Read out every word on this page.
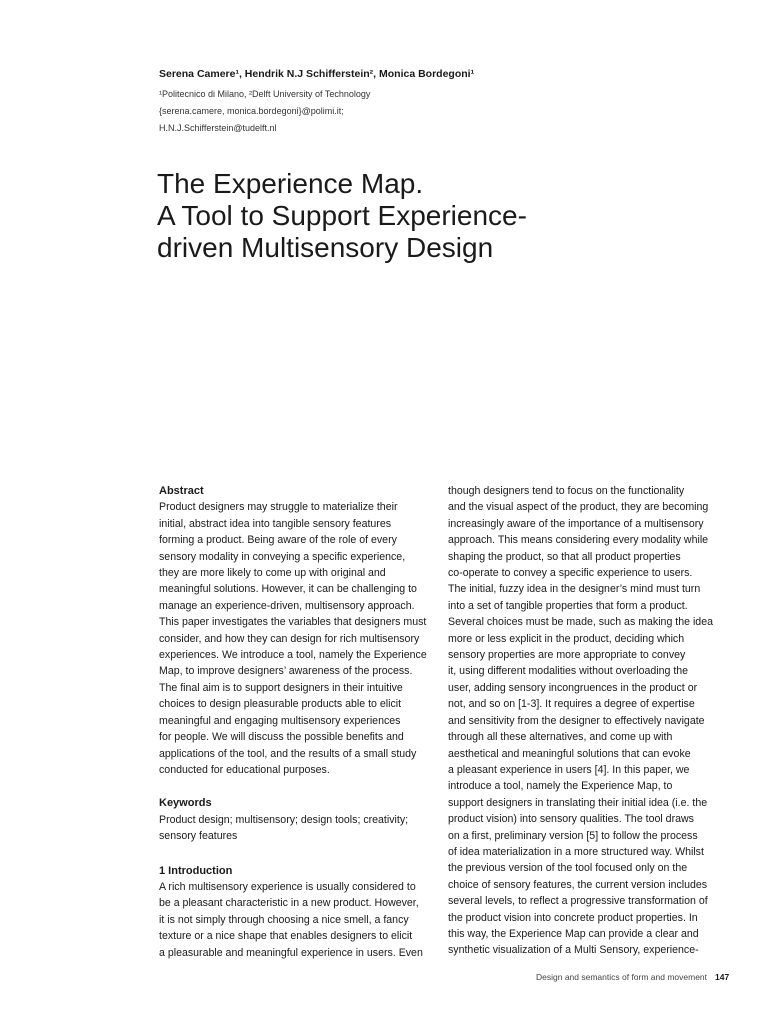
Serena Camere¹, Hendrik N.J Schifferstein², Monica Bordegoni¹
¹Politecnico di Milano, ²Delft University of Technology
{serena.camere, monica.bordegoni}@polimi.it;
H.N.J.Schifferstein@tudelft.nl
The Experience Map.
A Tool to Support Experience-
driven Multisensory Design
Abstract
Product designers may struggle to materialize their
initial, abstract idea into tangible sensory features
forming a product. Being aware of the role of every
sensory modality in conveying a specific experience,
they are more likely to come up with original and
meaningful solutions. However, it can be challenging to
manage an experience-driven, multisensory approach.
This paper investigates the variables that designers must
consider, and how they can design for rich multisensory
experiences. We introduce a tool, namely the Experience
Map, to improve designers’ awareness of the process.
The final aim is to support designers in their intuitive
choices to design pleasurable products able to elicit
meaningful and engaging multisensory experiences
for people. We will discuss the possible benefits and
applications of the tool, and the results of a small study
conducted for educational purposes.
Keywords
Product design; multisensory; design tools; creativity;
sensory features
1 Introduction
A rich multisensory experience is usually considered to
be a pleasant characteristic in a new product. However,
it is not simply through choosing a nice smell, a fancy
texture or a nice shape that enables designers to elicit
a pleasurable and meaningful experience in users. Even
though designers tend to focus on the functionality
and the visual aspect of the product, they are becoming
increasingly aware of the importance of a multisensory
approach. This means considering every modality while
shaping the product, so that all product properties
co-operate to convey a specific experience to users.
The initial, fuzzy idea in the designer’s mind must turn
into a set of tangible properties that form a product.
Several choices must be made, such as making the idea
more or less explicit in the product, deciding which
sensory properties are more appropriate to convey
it, using different modalities without overloading the
user, adding sensory incongruences in the product or
not, and so on [1-3]. It requires a degree of expertise
and sensitivity from the designer to effectively navigate
through all these alternatives, and come up with
aesthetical and meaningful solutions that can evoke
a pleasant experience in users [4]. In this paper, we
introduce a tool, namely the Experience Map, to
support designers in translating their initial idea (i.e. the
product vision) into sensory qualities. The tool draws
on a first, preliminary version [5] to follow the process
of idea materialization in a more structured way. Whilst
the previous version of the tool focused only on the
choice of sensory features, the current version includes
several levels, to reflect a progressive transformation of
the product vision into concrete product properties. In
this way, the Experience Map can provide a clear and
synthetic visualization of a Multi Sensory, experience-
Design and semantics of form and movement 147
